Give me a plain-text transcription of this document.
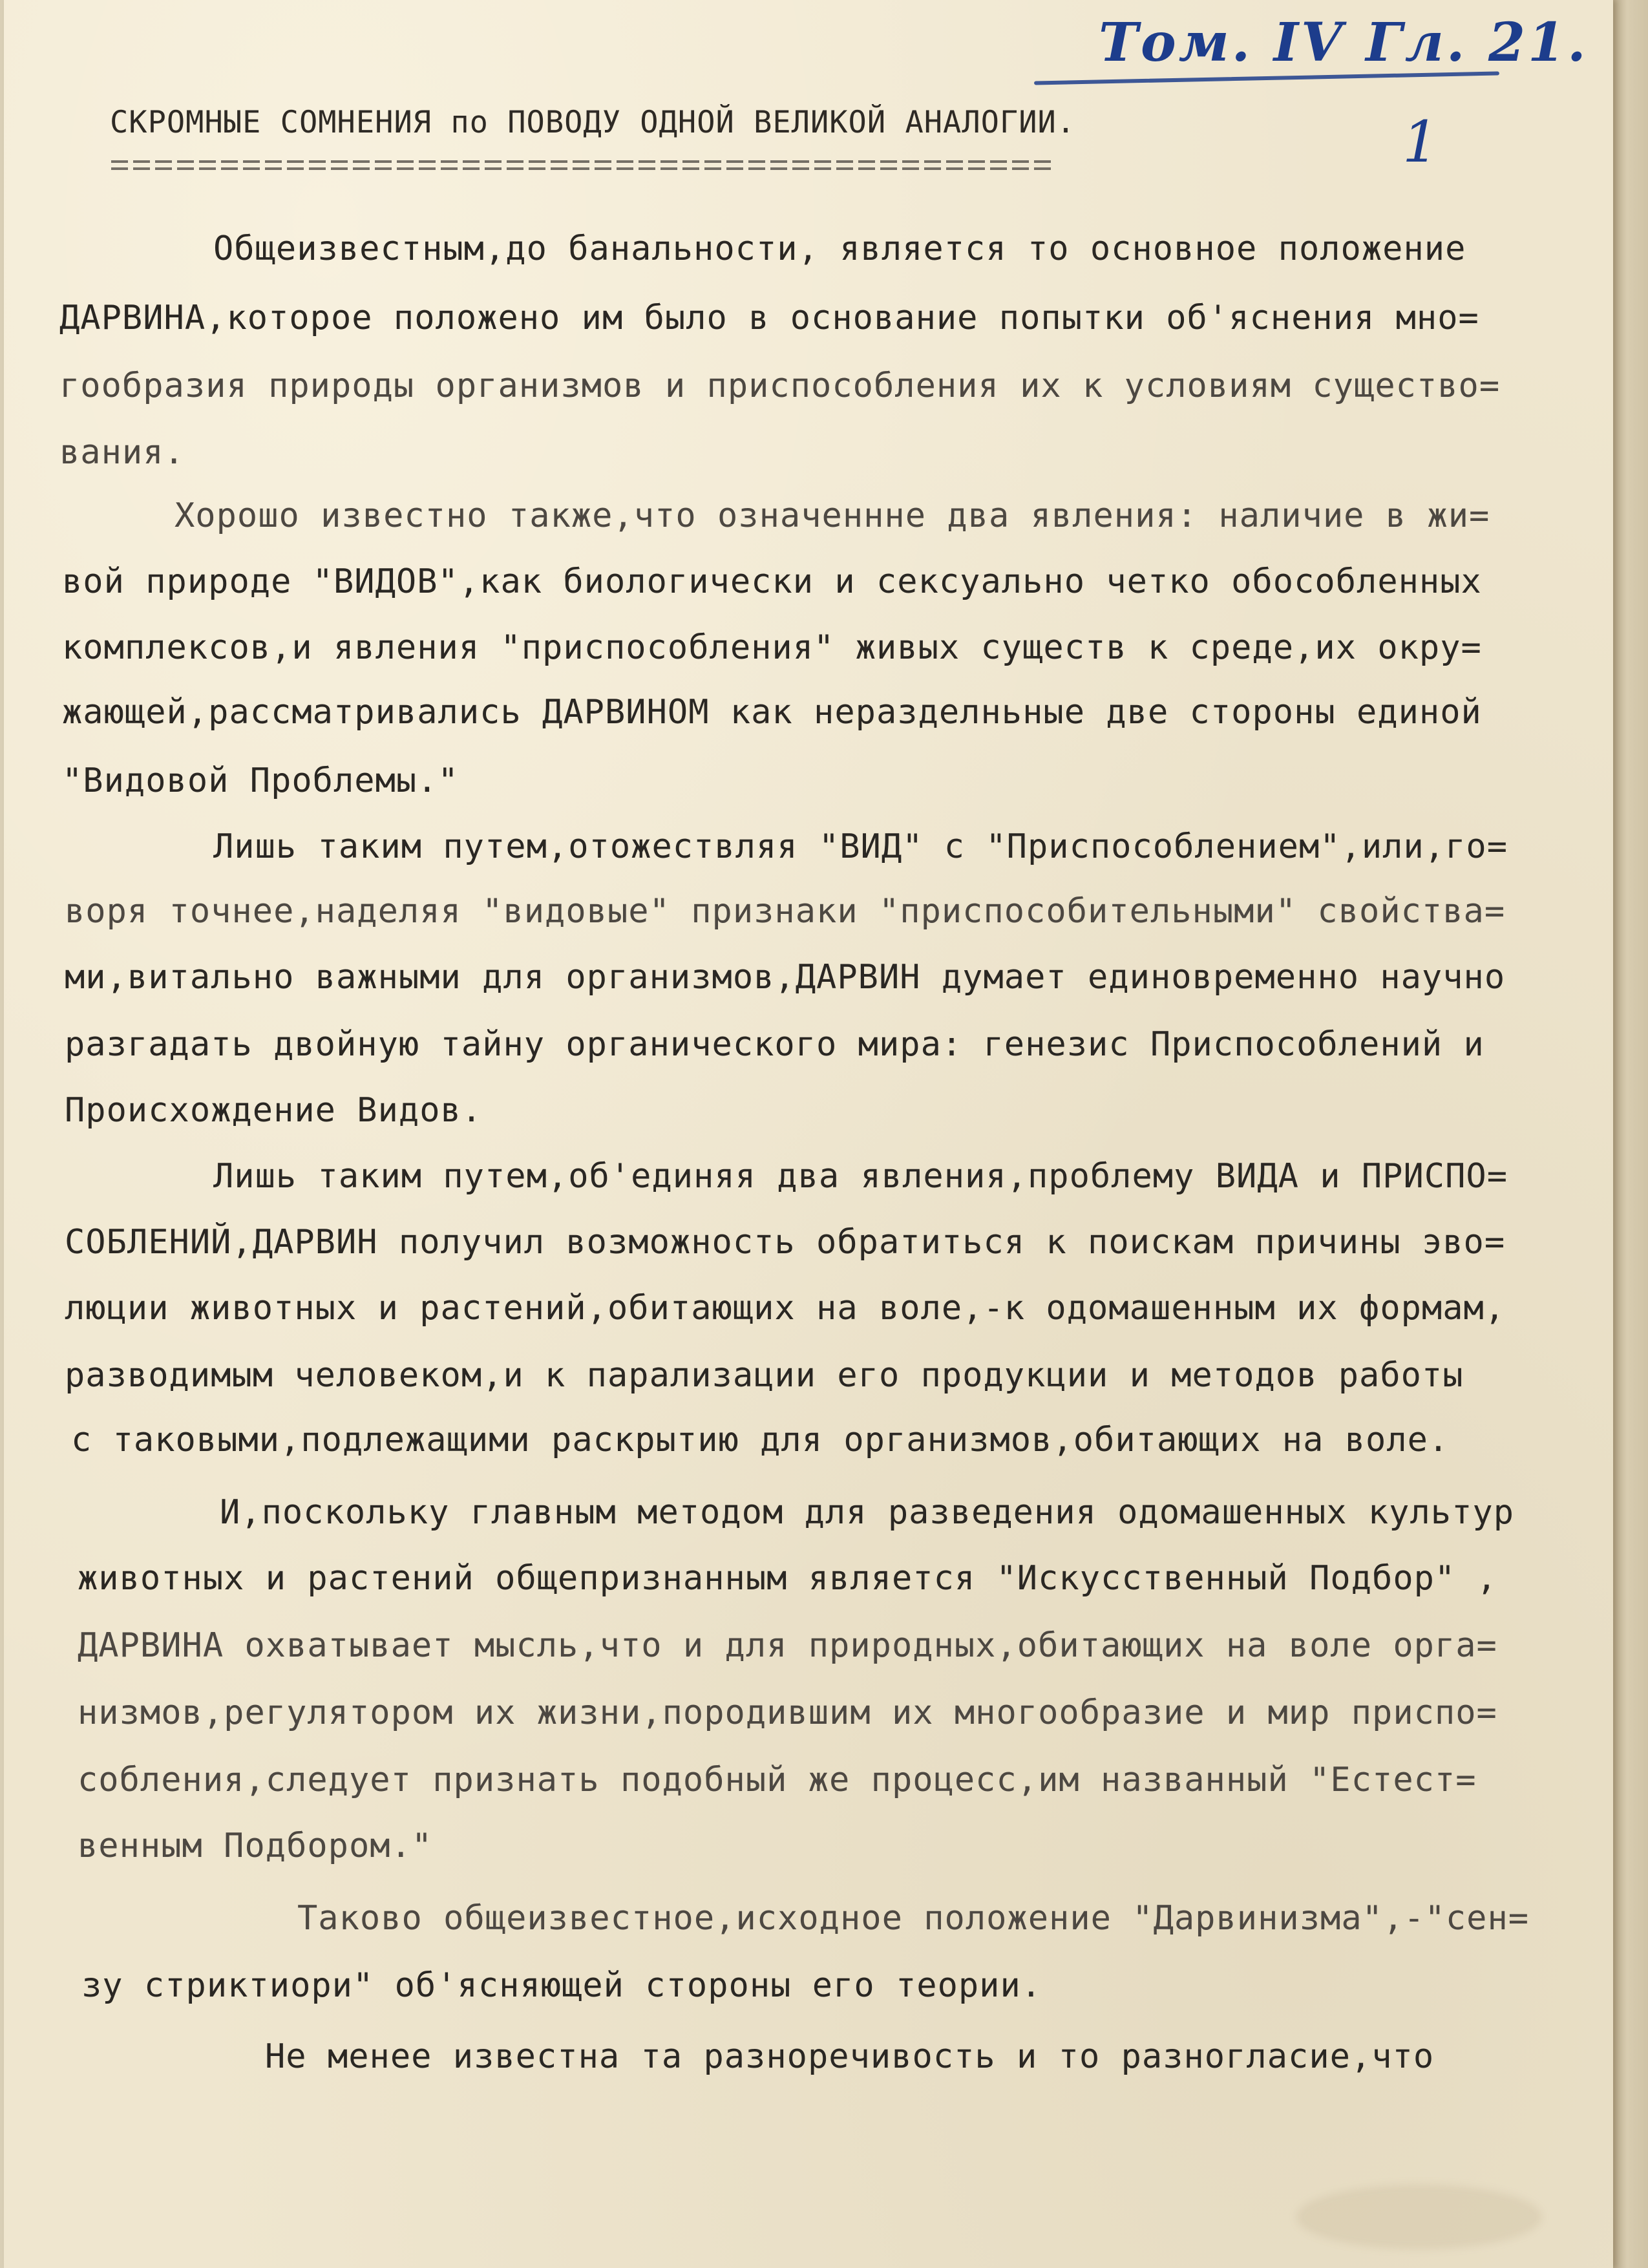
Том. IV Гл. 21.
1
СКРОМНЫЕ СОМНЕНИЯ по ПОВОДУ ОДНОЙ ВЕЛИКОЙ АНАЛОГИИ.
Общеизвестным,до банальности, является то основное положение
ДАРВИНА,которое положено им было в основание попытки об'яснения мно=
гообразия природы организмов и приспособления их к условиям существо=
вания.
Хорошо известно также,что означеннне два явления: наличие в жи=
вой природе "ВИДОВ",как биологически и сексуально четко обособленных
комплексов,и явления "приспособления" живых существ к среде,их окру=
жающей,рассматривались ДАРВИНОМ как неразделньные две стороны единой
"Видовой Проблемы."
Лишь таким путем,отожествляя "ВИД" с "Приспособлением",или,го=
воря точнее,наделяя "видовые" признаки "приспособительными" свойства=
ми,витально важными для организмов,ДАРВИН думает единовременно научно
разгадать двойную тайну органического мира: генезис Приспособлений и
Происхождение Видов.
Лишь таким путем,об'единяя два явления,проблему ВИДА и ПРИСПО=
СОБЛЕНИЙ,ДАРВИН получил возможность обратиться к поискам причины эво=
люции животных и растений,обитающих на воле,-к одомашенным их формам,
разводимым человеком,и к парализации его продукции и методов работы
с таковыми,подлежащими раскрытию для организмов,обитающих на воле.
И,поскольку главным методом для разведения одомашенных культур
животных и растений общепризнанным является "Искусственный Подбор" ,
ДАРВИНА охватывает мысль,что и для природных,обитающих на воле орга=
низмов,регулятором их жизни,породившим их многообразие и мир приспо=
собления,следует признать подобный же процесс,им названный "Естест=
венным Подбором."
Таково общеизвестное,исходное положение "Дарвинизма",-"сен=
зу стриктиори" об'ясняющей стороны его теории.
Не менее известна та разноречивость и то разногласие,что
